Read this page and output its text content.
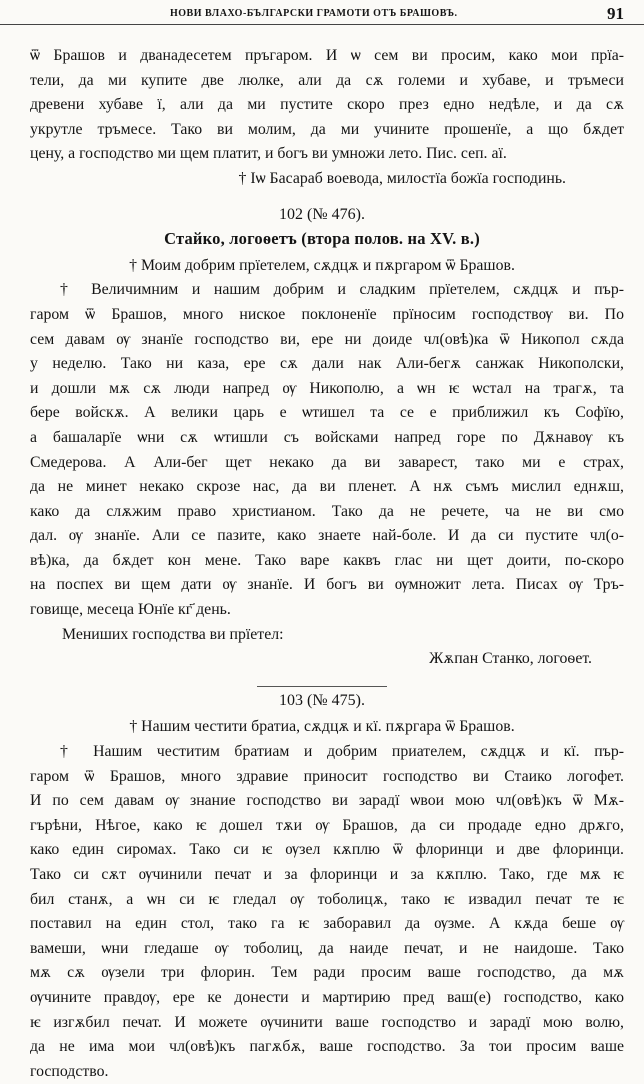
НОВИ ВЛАХО-БЪЛГАРСКИ ГРАМОТИ ОТЪ БРАШОВЪ.	91
ѿ Брашов и дванадесетем пръгаром. И ѡ сем ви просим, како мои прїа-
тели, да ми купите две люлке, али да сѫ големи и хубаве, и тръмеси
древени хубаве ї, али да ми пустите скоро през едно недѣле, и да сѫ
укрутле тръмесе. Тако ви молим, да ми учините прошенїе, а що бѫдет
цену, а господство ми щем платит, и богъ ви умножи лето. Пис. сеп. аї.

† Іѡ Басараб воевода, милостїа божїа господинь.

102 (№ 476).

Стайко, логоѳетъ (втора полов. на XV. в.)

† Моим добрим прїетелем, сѫдцѫ и пѫргаром ѿ Брашов.

† Величимним и нашим добрим и сладким прїетелем, сѫдцѫ и пър-
гаром ѿ Брашов, много ниское поклоненїе прїносим господствѹ ви. По
сем давам ѹ знанїе господство ви, ере ни доиде чл(овѣ)ка ѿ Никопол сѫда
у неделю. Тако ни каза, ере сѫ дали нак Али-бегѫ санжак Никополски,
и дошли мѫ сѫ люди напред ѹ Никополю, а ѡн ѥ ѡстал на трагѫ, та
бере войскѫ. А велики царь е ѡтишел та се е приближил къ Софїю,
а башаларїе ѡни сѫ ѡтишли съ войсками напред горе по Дѫнавѹ къ
Смедерова. А Али-бег щет некако да ви заварест, тако ми е страх,
да не минет некако скрозе нас, да ви пленет. А нѫ съмъ мислил еднѫш,
како да слѫжим право христианом. Тако да не речете, ча не ви смо
дал. ѹ знанїе. Али се пазите, како знаете най-боле. И да си пустите чл(о-
вѣ)ка, да бѫдет кон мене. Тако варе каквъ глас ни щет доити, по-скоро
на поспех ви щем дати ѹ знанїе. И богъ ви ѹмножит лета. Писах ѹ Тръ-
говище, месеца Юнїе кг҃ день.

Мениших господства ви прїетел:

Жѫпан Станко, логоѳет.

103 (№ 475).

† Нашим честити братиа, сѫдцѫ и кї. пѫргара ѿ Брашов.

† Нашим честитим братиам и добрим приателем, сѫдцѫ и кї. пър-
гаром ѿ Брашов, много здравие приносит господство ви Стаико логофет.
И по сем давам ѹ знание господство ви зарадї ѡвои мою чл(овѣ)къ ѿ Мѫ-
гърѣни, Нѣгое, како ѥ дошел тѫи ѹ Брашов, да си продаде едно дрѫго,
како един сиромах. Тако си ѥ ѹзел кѫплю ѿ флоринци и две флоринци.
Тако си сѫт ѹчинили печат и за флоринци и за кѫплю. Тако, где мѫ ѥ
бил станѫ, а ѡн си ѥ гледал ѹ тоболицѫ, тако ѥ извадил печат те ѥ
поставил на един стол, тако га ѥ заборавил да ѹзме. А кѫда беше ѹ
вамеши, ѡни гледаше ѹ тоболиц, да наиде печат, и не наидоше. Тако
мѫ сѫ ѹзели три флорин. Тем ради просим ваше господство, да мѫ
ѹчините правдѹ, ере ке донести и мартирию пред ваш(е) господство, како
ѥ изгѫбил печат. И можете ѹчинити ваше господство и зарадї мою волю,
да не има мои чл(овѣ)къ пагѫбѫ, ваше господство. За тои просим ваше
господство.
